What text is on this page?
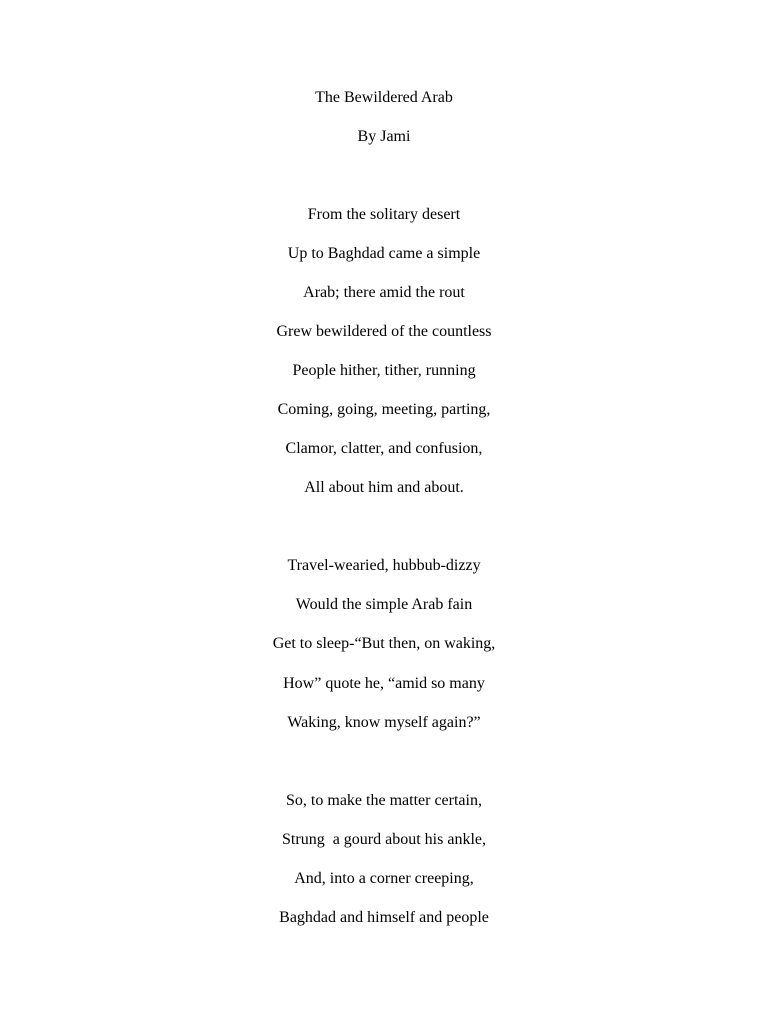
The Bewildered Arab
By Jami
From the solitary desert
Up to Baghdad came a simple
Arab; there amid the rout
Grew bewildered of the countless
People hither, tither, running
Coming, going, meeting, parting,
Clamor, clatter, and confusion,
All about him and about.
Travel-wearied, hubbub-dizzy
Would the simple Arab fain
Get to sleep-“But then, on waking,
How” quote he, “amid so many
Waking, know myself again?”
So, to make the matter certain,
Strung  a gourd about his ankle,
And, into a corner creeping,
Baghdad and himself and people
